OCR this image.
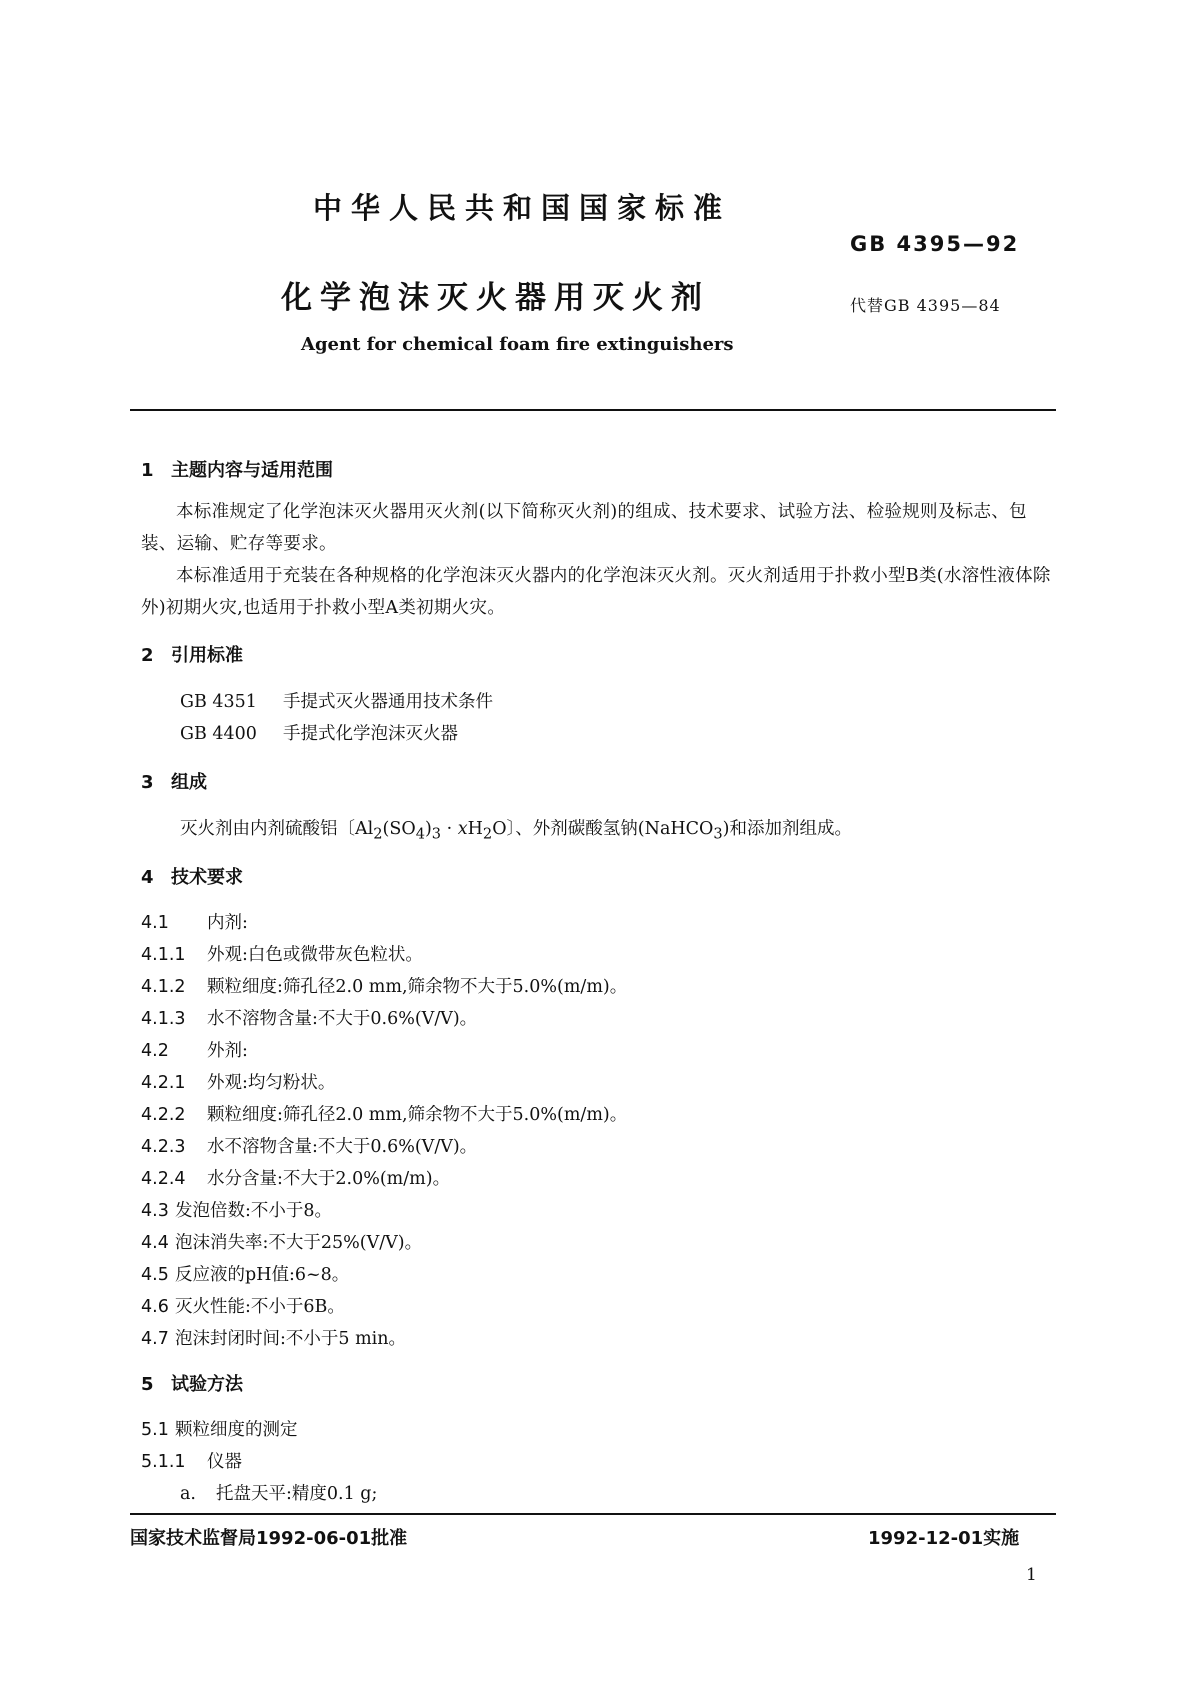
中华人民共和国国家标准
GB 4395—92
化学泡沫灭火器用灭火剂	代替GB 4395—84
Agent for chemical foam fire extinguishers
1 主题内容与适用范围
本标准规定了化学泡沫灭火器用灭火剂(以下简称灭火剂)的组成、技术要求、试验方法、检验规则及标志、包装、运输、贮存等要求。
本标准适用于充装在各种规格的化学泡沫灭火器内的化学泡沫灭火剂。灭火剂适用于扑救小型B类(水溶性液体除外)初期火灾,也适用于扑救小型A类初期火灾。
2 引用标准
GB 4351 手提式灭火器通用技术条件
GB 4400 手提式化学泡沫灭火器
3 组成
灭火剂由内剂硫酸铝〔$Al_2(SO_4)_3 \cdot xH_2O$〕、外剂碳酸氢钠(NaHCO$_3$)和添加剂组成。
4 技术要求
4.1 内剂:
4.1.1 外观:白色或微带灰色粒状。
4.1.2 颗粒细度:筛孔径2.0 mm,筛余物不大于5.0%(m/m)。
4.1.3 水不溶物含量:不大于0.6%(V/V)。
4.2 外剂:
4.2.1 外观:均匀粉状。
4.2.2 颗粒细度:筛孔径2.0 mm,筛余物不大于5.0%(m/m)。
4.2.3 水不溶物含量:不大于0.6%(V/V)。
4.2.4 水分含量:不大于2.0%(m/m)。
4.3 发泡倍数:不小于8。
4.4 泡沫消失率:不大于25%(V/V)。
4.5 反应液的pH值:6~8。
4.6 灭火性能:不小于6B。
4.7 泡沫封闭时间:不小于5 min。
5 试验方法
5.1 颗粒细度的测定
5.1.1 仪器
a. 托盘天平:精度0.1 g;
国家技术监督局1992-06-01批准	1992-12-01实施
1
